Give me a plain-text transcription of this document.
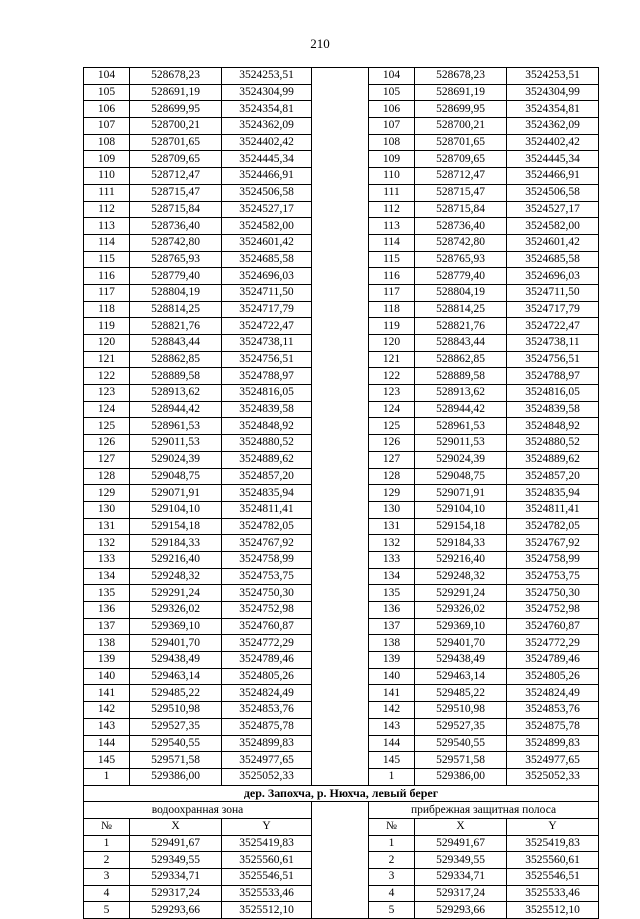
210
104	528678,23	3524253,51		104	528678,23	3524253,51
105	528691,19	3524304,99		105	528691,19	3524304,99
106	528699,95	3524354,81		106	528699,95	3524354,81
107	528700,21	3524362,09		107	528700,21	3524362,09
108	528701,65	3524402,42		108	528701,65	3524402,42
109	528709,65	3524445,34		109	528709,65	3524445,34
110	528712,47	3524466,91		110	528712,47	3524466,91
111	528715,47	3524506,58		111	528715,47	3524506,58
112	528715,84	3524527,17		112	528715,84	3524527,17
113	528736,40	3524582,00		113	528736,40	3524582,00
114	528742,80	3524601,42		114	528742,80	3524601,42
115	528765,93	3524685,58		115	528765,93	3524685,58
116	528779,40	3524696,03		116	528779,40	3524696,03
117	528804,19	3524711,50		117	528804,19	3524711,50
118	528814,25	3524717,79		118	528814,25	3524717,79
119	528821,76	3524722,47		119	528821,76	3524722,47
120	528843,44	3524738,11		120	528843,44	3524738,11
121	528862,85	3524756,51		121	528862,85	3524756,51
122	528889,58	3524788,97		122	528889,58	3524788,97
123	528913,62	3524816,05		123	528913,62	3524816,05
124	528944,42	3524839,58		124	528944,42	3524839,58
125	528961,53	3524848,92		125	528961,53	3524848,92
126	529011,53	3524880,52		126	529011,53	3524880,52
127	529024,39	3524889,62		127	529024,39	3524889,62
128	529048,75	3524857,20		128	529048,75	3524857,20
129	529071,91	3524835,94		129	529071,91	3524835,94
130	529104,10	3524811,41		130	529104,10	3524811,41
131	529154,18	3524782,05		131	529154,18	3524782,05
132	529184,33	3524767,92		132	529184,33	3524767,92
133	529216,40	3524758,99		133	529216,40	3524758,99
134	529248,32	3524753,75		134	529248,32	3524753,75
135	529291,24	3524750,30		135	529291,24	3524750,30
136	529326,02	3524752,98		136	529326,02	3524752,98
137	529369,10	3524760,87		137	529369,10	3524760,87
138	529401,70	3524772,29		138	529401,70	3524772,29
139	529438,49	3524789,46		139	529438,49	3524789,46
140	529463,14	3524805,26		140	529463,14	3524805,26
141	529485,22	3524824,49		141	529485,22	3524824,49
142	529510,98	3524853,76		142	529510,98	3524853,76
143	529527,35	3524875,78		143	529527,35	3524875,78
144	529540,55	3524899,83		144	529540,55	3524899,83
145	529571,58	3524977,65		145	529571,58	3524977,65
1	529386,00	3525052,33		1	529386,00	3525052,33
дер. Запохча, р. Нюхча, левый берег						
водоохранная зона				прибрежная защитная полоса		
№	X	Y		№	X	Y
1	529491,67	3525419,83		1	529491,67	3525419,83
2	529349,55	3525560,61		2	529349,55	3525560,61
3	529334,71	3525546,51		3	529334,71	3525546,51
4	529317,24	3525533,46		4	529317,24	3525533,46
5	529293,66	3525512,10		5	529293,66	3525512,10
